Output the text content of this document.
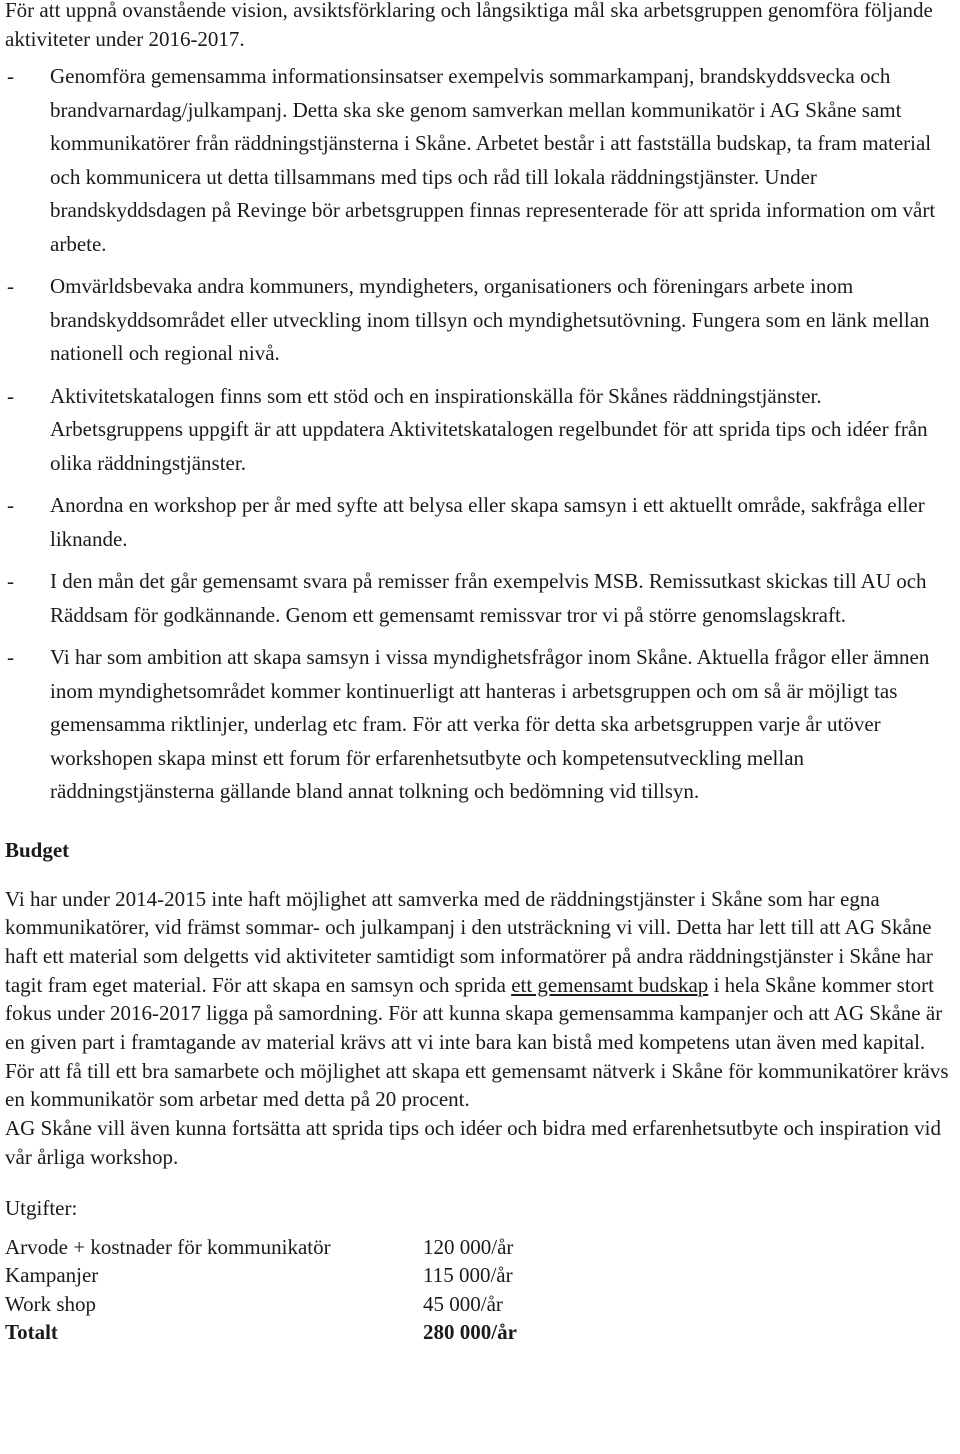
För att uppnå ovanstående vision, avsiktsförklaring och långsiktiga mål ska arbetsgruppen genomföra följande aktiviteter under 2016-2017.

-	Genomföra gemensamma informationsinsatser exempelvis sommarkampanj, brandskyddsvecka och brandvarnardag/julkampanj. Detta ska ske genom samverkan mellan kommunikatör i AG Skåne samt kommunikatörer från räddningstjänsterna i Skåne. Arbetet består i att fastställa budskap, ta fram material och kommunicera ut detta tillsammans med tips och råd till lokala räddningstjänster. Under brandskyddsdagen på Revinge bör arbetsgruppen finnas representerade för att sprida information om vårt arbete.
-	Omvärldsbevaka andra kommuners, myndigheters, organisationers och föreningars arbete inom brandskyddsområdet eller utveckling inom tillsyn och myndighetsutövning. Fungera som en länk mellan nationell och regional nivå.
-	Aktivitetskatalogen finns som ett stöd och en inspirationskälla för Skånes räddningstjänster. Arbetsgruppens uppgift är att uppdatera Aktivitetskatalogen regelbundet för att sprida tips och idéer från olika räddningstjänster.
-	Anordna en workshop per år med syfte att belysa eller skapa samsyn i ett aktuellt område, sakfråga eller liknande.
-	I den mån det går gemensamt svara på remisser från exempelvis MSB. Remissutkast skickas till AU och Räddsam för godkännande. Genom ett gemensamt remissvar tror vi på större genomslagskraft.
-	Vi har som ambition att skapa samsyn i vissa myndighetsfrågor inom Skåne. Aktuella frågor eller ämnen inom myndighetsområdet kommer kontinuerligt att hanteras i arbetsgruppen och om så är möjligt tas gemensamma riktlinjer, underlag etc fram. För att verka för detta ska arbetsgruppen varje år utöver workshopen skapa minst ett forum för erfarenhetsutbyte och kompetensutveckling mellan räddningstjänsterna gällande bland annat tolkning och bedömning vid tillsyn.
Budget

Vi har under 2014-2015 inte haft möjlighet att samverka med de räddningstjänster i Skåne som har egna kommunikatörer, vid främst sommar- och julkampanj i den utsträckning vi vill. Detta har lett till att AG Skåne haft ett material som delgetts vid aktiviteter samtidigt som informatörer på andra räddningstjänster i Skåne har tagit fram eget material. För att skapa en samsyn och sprida ett gemensamt budskap i hela Skåne kommer stort fokus under 2016-2017 ligga på samordning. För att kunna skapa gemensamma kampanjer och att AG Skåne är en given part i framtagande av material krävs att vi inte bara kan bistå med kompetens utan även med kapital. För att få till ett bra samarbete och möjlighet att skapa ett gemensamt nätverk i Skåne för kommunikatörer krävs en kommunikatör som arbetar med detta på 20 procent.
AG Skåne vill även kunna fortsätta att sprida tips och idéer och bidra med erfarenhetsutbyte och inspiration vid vår årliga workshop.

Utgifter:

Arvode + kostnader för kommunikatör	120 000/år
Kampanjer	115 000/år
Work shop	45 000/år
Totalt	280 000/år
